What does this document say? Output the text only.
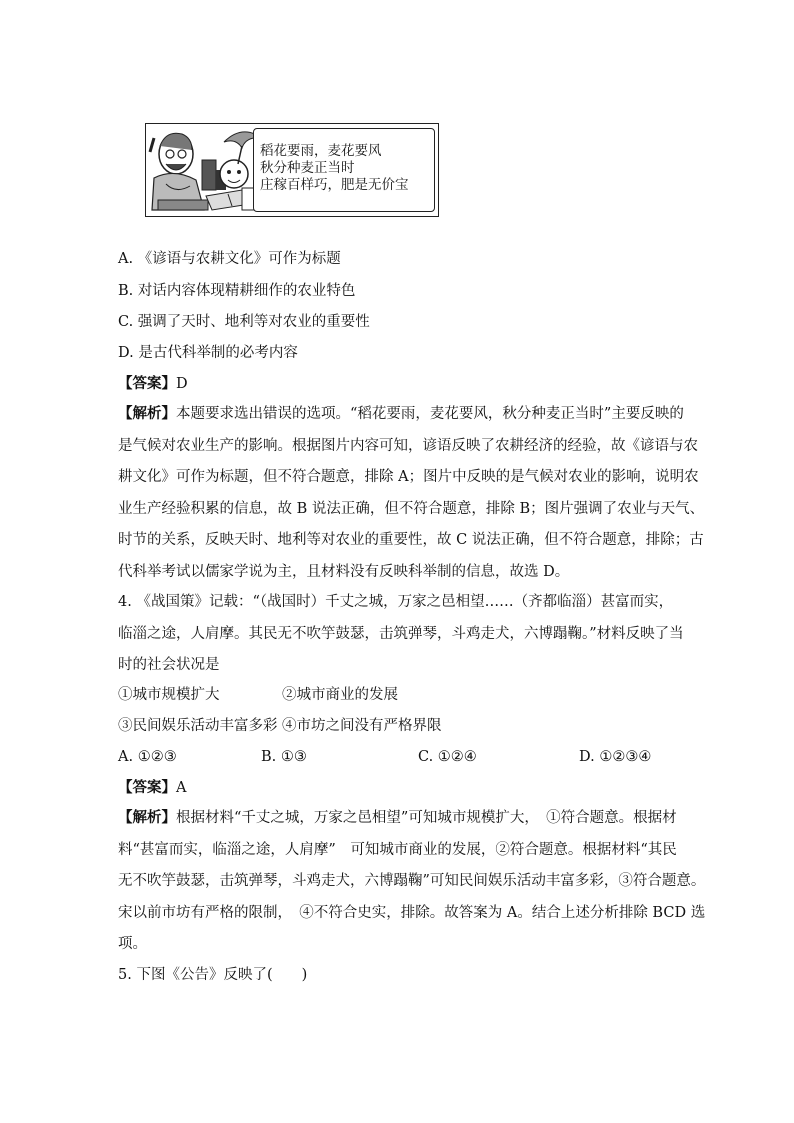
稻花要雨，麦花要风
秋分种麦正当时
庄稼百样巧，肥是无价宝
A. 《谚语与农耕文化》可作为标题
B. 对话内容体现精耕细作的农业特色
C. 强调了天时、地利等对农业的重要性
D. 是古代科举制的必考内容
【答案】D
【解析】本题要求选出错误的选项。“稻花要雨，麦花要风，秋分种麦正当时”主要反映的
是气候对农业生产的影响。根据图片内容可知，谚语反映了农耕经济的经验，故《谚语与农
耕文化》可作为标题，但不符合题意，排除 A；图片中反映的是气候对农业的影响，说明农
业生产经验积累的信息，故 B 说法正确，但不符合题意，排除 B；图片强调了农业与天气、
时节的关系，反映天时、地利等对农业的重要性，故 C 说法正确，但不符合题意，排除；古
代科举考试以儒家学说为主，且材料没有反映科举制的信息，故选 D。
4. 《战国策》记载：“（战国时）千丈之城，万家之邑相望……（齐都临淄）甚富而实，
临淄之途，人肩摩。其民无不吹竽鼓瑟，击筑弹琴，斗鸡走犬，六博蹋鞠。”材料反映了当
时的社会状况是
①城市规模扩大	②城市商业的发展
③民间娱乐活动丰富多彩 ④市坊之间没有严格界限
A. ①②③	B. ①③	C. ①②④	D. ①②③④
【答案】A
【解析】根据材料“千丈之城，万家之邑相望”可知城市规模扩大，　①符合题意。根据材
料“甚富而实，临淄之途，人肩摩”　可知城市商业的发展，②符合题意。根据材料“其民
无不吹竽鼓瑟，击筑弹琴，斗鸡走犬，六博蹋鞠”可知民间娱乐活动丰富多彩，③符合题意。
宋以前市坊有严格的限制，　④不符合史实，排除。故答案为 A。结合上述分析排除 BCD 选
项。
5. 下图《公告》反映了(　　)
